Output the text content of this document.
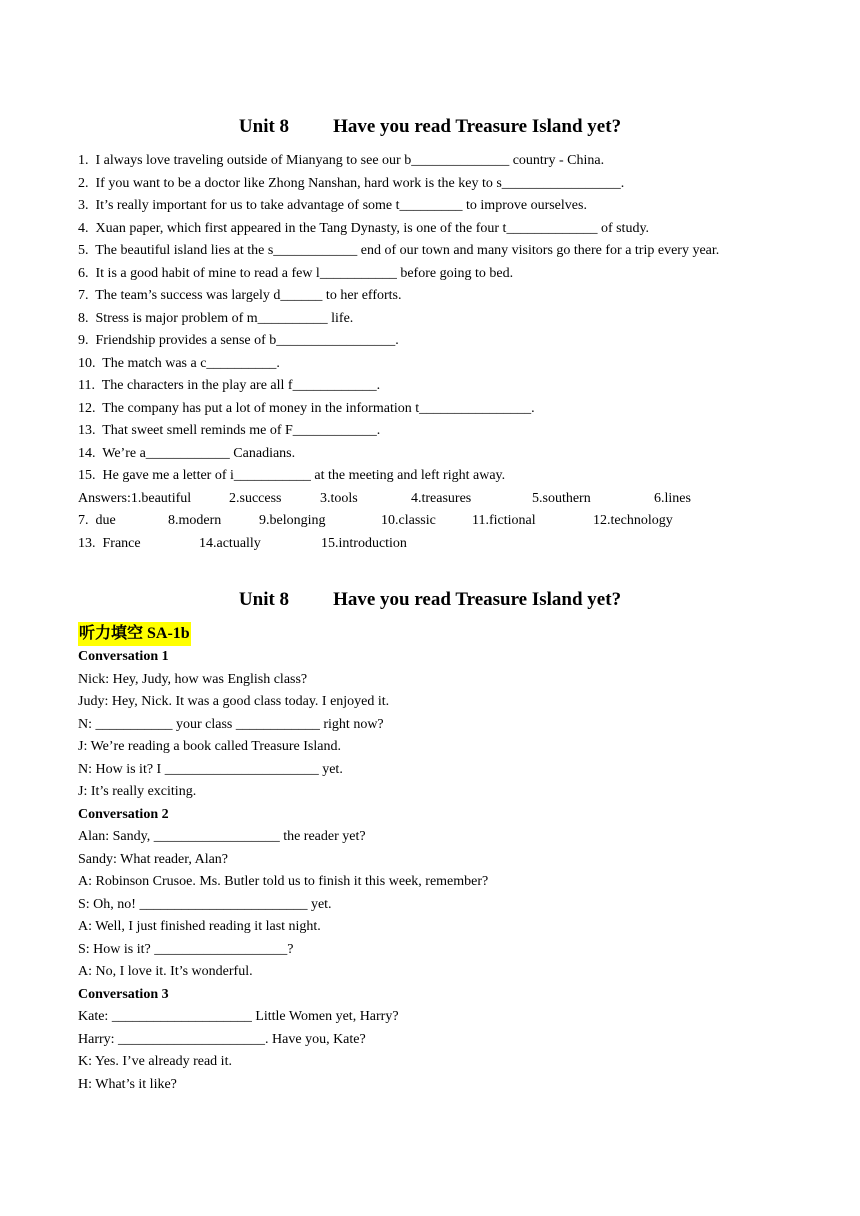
Unit 8 Have you read Treasure Island yet?
1.  I always love traveling outside of Mianyang to see our b______________ country - China.
2.  If you want to be a doctor like Zhong Nanshan, hard work is the key to s_________________.
3.  It’s really important for us to take advantage of some t_________ to improve ourselves.
4.  Xuan paper, which first appeared in the Tang Dynasty, is one of the four t_____________ of study.
5.  The beautiful island lies at the s____________ end of our town and many visitors go there for a trip every year.
6.  It is a good habit of mine to read a few l___________ before going to bed.
7.  The team’s success was largely d______ to her efforts.
8.  Stress is major problem of m__________ life.
9.  Friendship provides a sense of b_________________.
10.  The match was a c__________.
11.  The characters in the play are all f____________.
12.  The company has put a lot of money in the information t________________.
13.  That sweet smell reminds me of F____________.
14.  We’re a____________ Canadians.
15.  He gave me a letter of i___________ at the meeting and left right away.

Answers:1.beautiful

	2.success

	3.tools

	4.treasures

	5.southern

	6.lines

7.  due

	8.modern

	9.belonging

	10.classic

	11.fictional

	12.technology

13.  France

	14.actually

	15.introduction

Unit 8 Have you read Treasure Island yet?
听力填空 SA-1b
Conversation 1
Nick: Hey, Judy, how was English class?
Judy: Hey, Nick. It was a good class today. I enjoyed it.
N: ___________ your class ____________ right now?
J: We’re reading a book called Treasure Island.
N: How is it? I ______________________ yet.
J: It’s really exciting.
Conversation 2
Alan: Sandy, __________________ the reader yet?
Sandy: What reader, Alan?
A: Robinson Crusoe. Ms. Butler told us to finish it this week, remember?
S: Oh, no! ________________________ yet.
A: Well, I just finished reading it last night.
S: How is it? ___________________?
A: No, I love it. It’s wonderful.
Conversation 3
Kate: ____________________ Little Women yet, Harry?
Harry: _____________________. Have you, Kate?
K: Yes. I’ve already read it.
H: What’s it like?
